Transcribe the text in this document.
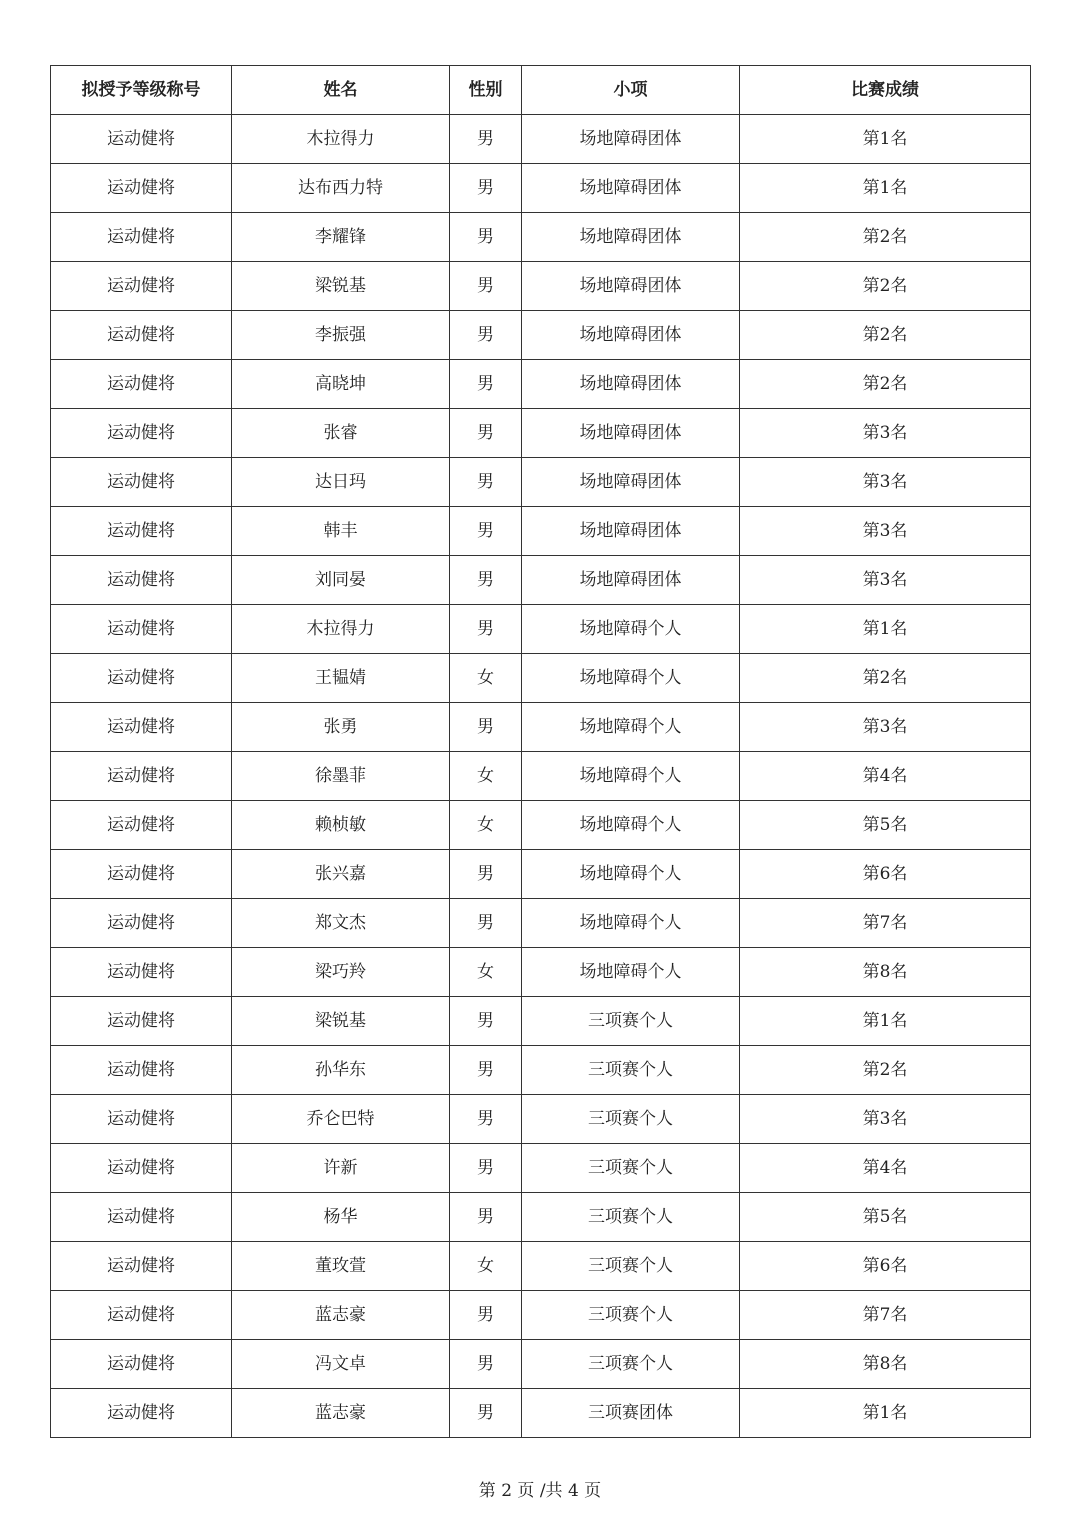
拟授予等级称号	姓名	性别	小项	比赛成绩
运动健将	木拉得力	男	场地障碍团体	第1名
运动健将	达布西力特	男	场地障碍团体	第1名
运动健将	李耀锋	男	场地障碍团体	第2名
运动健将	梁锐基	男	场地障碍团体	第2名
运动健将	李振强	男	场地障碍团体	第2名
运动健将	高晓坤	男	场地障碍团体	第2名
运动健将	张睿	男	场地障碍团体	第3名
运动健将	达日玛	男	场地障碍团体	第3名
运动健将	韩丰	男	场地障碍团体	第3名
运动健将	刘同晏	男	场地障碍团体	第3名
运动健将	木拉得力	男	场地障碍个人	第1名
运动健将	王韫婧	女	场地障碍个人	第2名
运动健将	张勇	男	场地障碍个人	第3名
运动健将	徐墨菲	女	场地障碍个人	第4名
运动健将	赖桢敏	女	场地障碍个人	第5名
运动健将	张兴嘉	男	场地障碍个人	第6名
运动健将	郑文杰	男	场地障碍个人	第7名
运动健将	梁巧羚	女	场地障碍个人	第8名
运动健将	梁锐基	男	三项赛个人	第1名
运动健将	孙华东	男	三项赛个人	第2名
运动健将	乔仑巴特	男	三项赛个人	第3名
运动健将	许新	男	三项赛个人	第4名
运动健将	杨华	男	三项赛个人	第5名
运动健将	董玫萱	女	三项赛个人	第6名
运动健将	蓝志豪	男	三项赛个人	第7名
运动健将	冯文卓	男	三项赛个人	第8名
运动健将	蓝志豪	男	三项赛团体	第1名
第 2 页 /共 4 页
